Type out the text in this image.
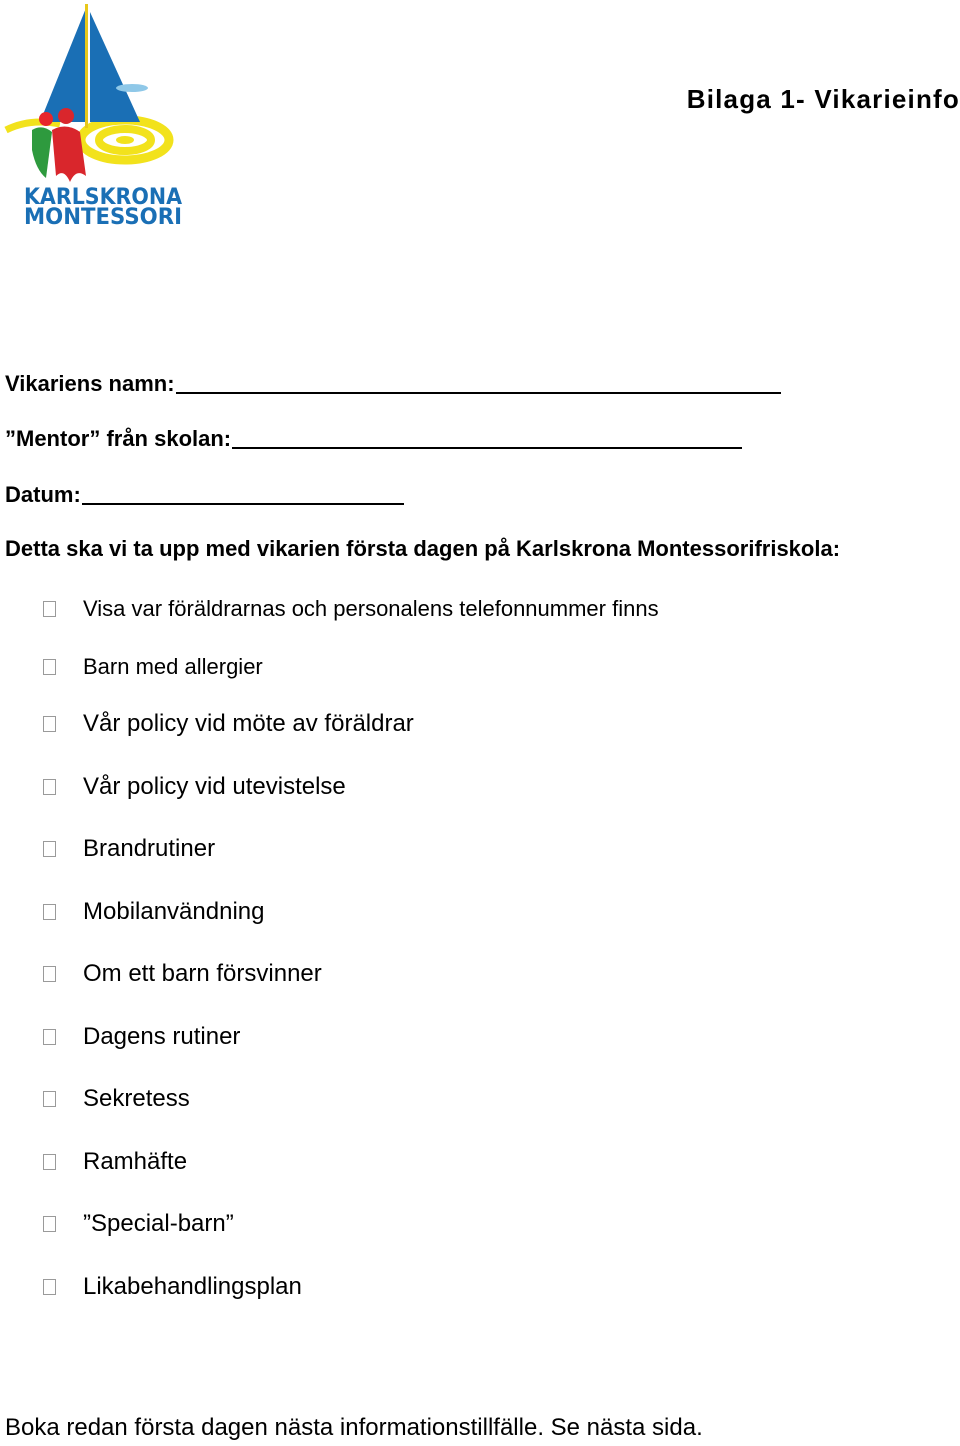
KARLSKRONA
MONTESSORI
Bilaga 1- Vikarieinfo
Vikariens namn:
”Mentor” från skolan:
Datum:
Detta ska vi ta upp med vikarien första dagen på Karlskrona Montessorifriskola:
Visa var föräldrarnas och personalens telefonnummer finns
Barn med allergier
Vår policy vid möte av föräldrar
Vår policy vid utevistelse
Brandrutiner
Mobilanvändning
Om ett barn försvinner
Dagens rutiner
Sekretess
Ramhäfte
”Special-barn”
Likabehandlingsplan
Boka redan första dagen nästa informationstillfälle. Se nästa sida.
